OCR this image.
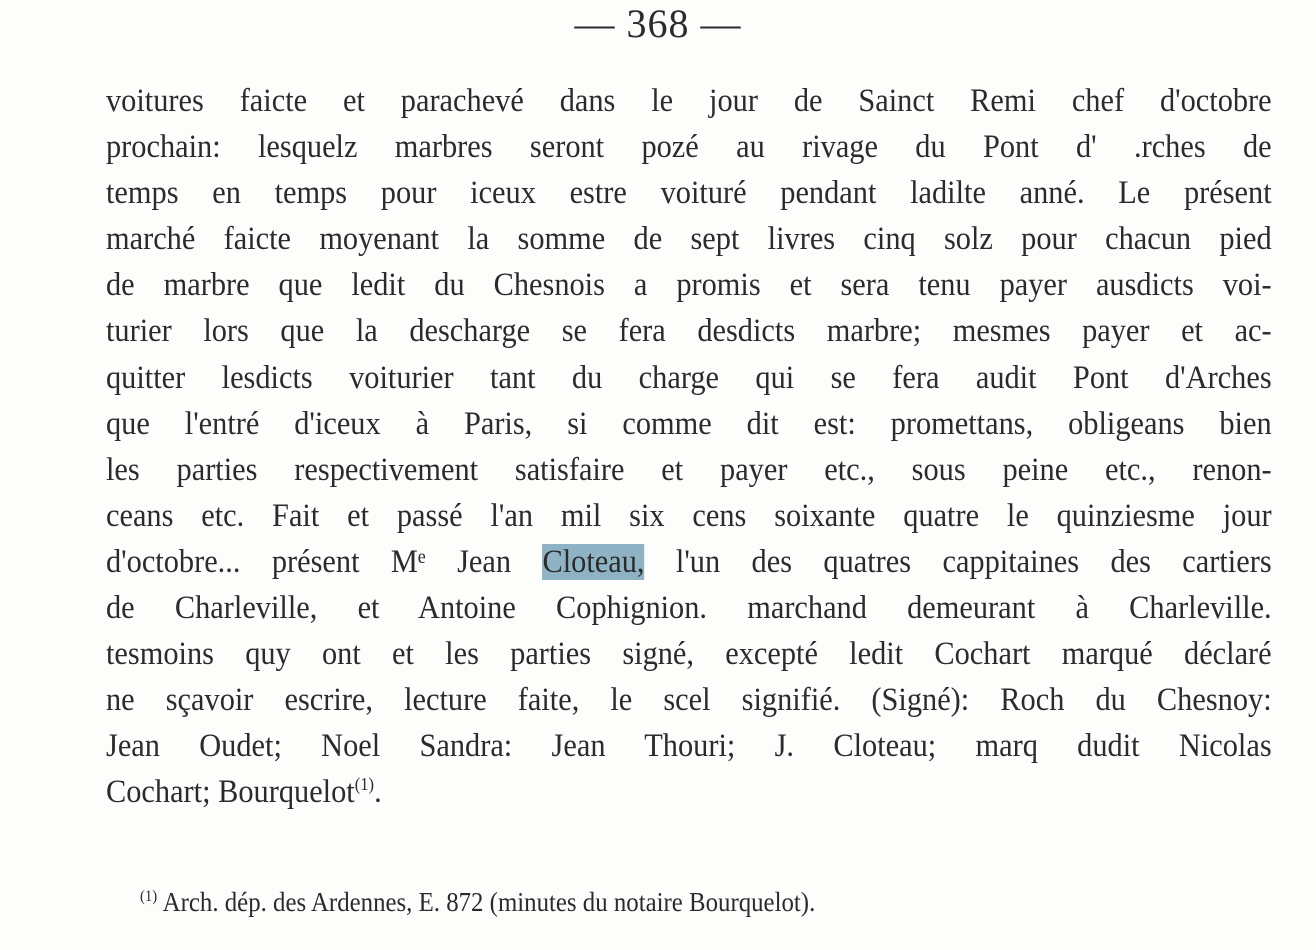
— 368 —
voitures faicte et parachevé dans le jour de Sainct Remi chef d'octobre
prochain: lesquelz marbres seront pozé au rivage du Pont d' .rches de
temps en temps pour iceux estre voituré pendant ladilte anné. Le présent
marché faicte moyenant la somme de sept livres cinq solz pour chacun pied
de marbre que ledit du Chesnois a promis et sera tenu payer ausdicts voi-
turier lors que la descharge se fera desdicts marbre; mesmes payer et ac-
quitter lesdicts voiturier tant du charge qui se fera audit Pont d'Arches
que l'entré d'iceux à Paris, si comme dit est: promettans, obligeans bien
les parties respectivement satisfaire et payer etc., sous peine etc., renon-
ceans etc. Fait et passé l'an mil six cens soixante quatre le quinziesme jour
d'octobre... présent Mᵉ Jean Cloteau, l'un des quatres cappitaines des cartiers
de Charleville, et Antoine Cophignion. marchand demeurant à Charleville.
tesmoins quy ont et les parties signé, excepté ledit Cochart marqué déclaré
ne sçavoir escrire, lecture faite, le scel signifié. (Signé): Roch du Chesnoy:
Jean Oudet; Noel Sandra: Jean Thouri; J. Cloteau; marq dudit Nicolas
Cochart; Bourquelot$^{(1)}$.
$^{(1)}$ Arch. dép. des Ardennes, E. 872 (minutes du notaire Bourquelot).
